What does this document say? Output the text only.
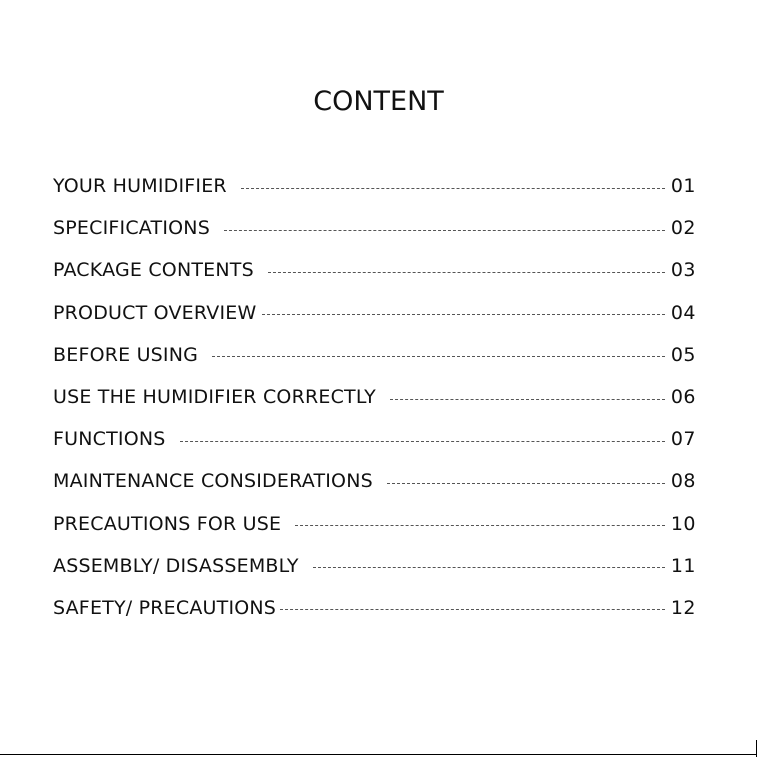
CONTENT
YOUR HUMIDIFIER	01
SPECIFICATIONS	02
PACKAGE CONTENTS	03
PRODUCT OVERVIEW	04
BEFORE USING	05
USE THE HUMIDIFIER CORRECTLY	06
FUNCTIONS	07
MAINTENANCE CONSIDERATIONS	08
PRECAUTIONS FOR USE	10
ASSEMBLY/ DISASSEMBLY	11
SAFETY/ PRECAUTIONS	12
